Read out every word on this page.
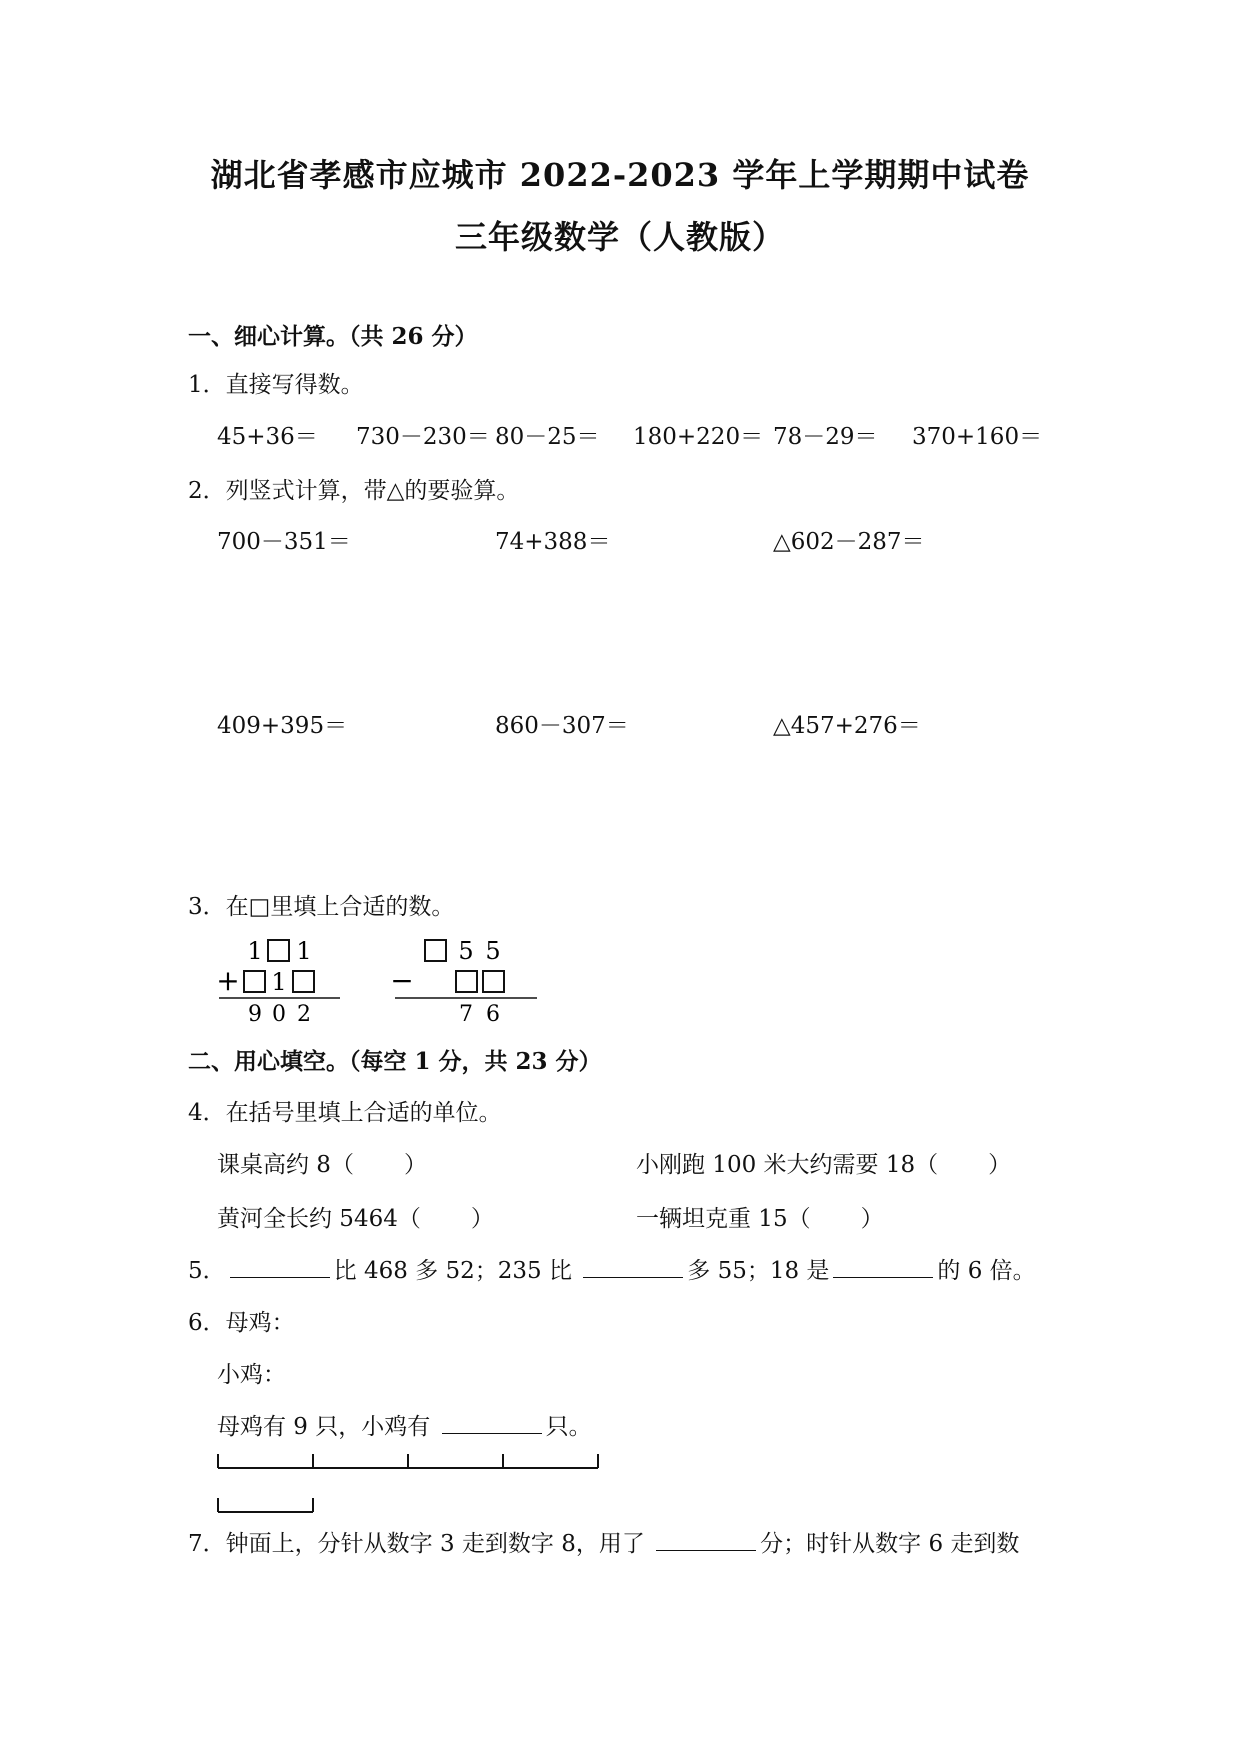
湖北省孝感市应城市 2022-2023 学年上学期期中试卷
三年级数学（人教版）
一、细心计算。（共 26 分）
1．直接写得数。
45+36＝ 730－230＝ 80－25＝ 180+220＝ 78－29＝ 370+160＝
2．列竖式计算，带△的要验算。
700－351＝	74+388＝	△602－287＝
409+395＝	860－307＝	△457+276＝
3．在□里填上合适的数。
1 1
+ 1
9 0 2
5 5
−
7 6
二、用心填空。（每空 1 分，共 23 分）
4．在括号里填上合适的单位。
课桌高约 8（ ）	小刚跑 100 米大约需要 18（ ）
黄河全长约 5464（ ）	一辆坦克重 15（ ）
5．	比 468 多 52；235 比	多 55；18 是	的 6 倍。
6．母鸡：
小鸡：
母鸡有 9 只，小鸡有	只。
7．钟面上，分针从数字 3 走到数字 8，用了	分；时针从数字 6 走到数
